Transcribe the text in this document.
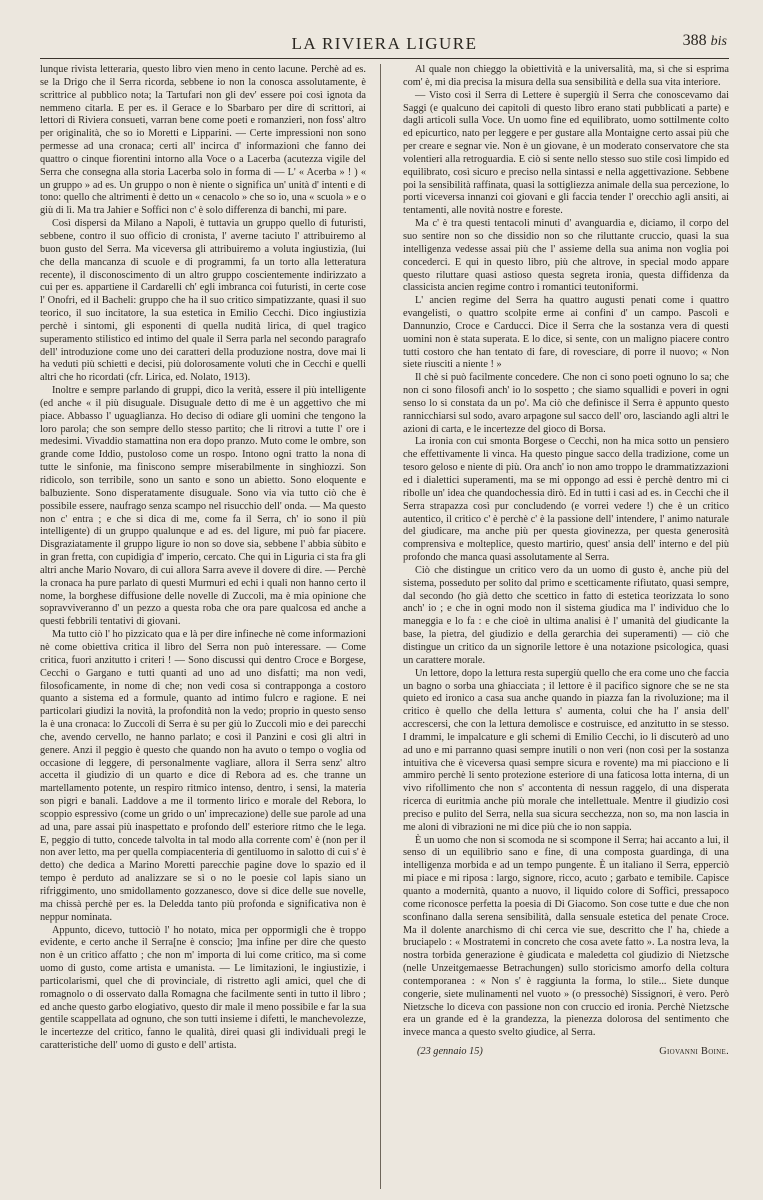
LA RIVIERA LIGURE	388 bis

lunque rivista letteraria, questo libro vien meno in cento lacune. Perchè ad es. se la Drigo che il Serra ricorda, sebbene io non la conosca assolutamente, è scrittrice al pubblico nota; la Tartufari non gli dev' essere poi così ignota da nemmeno citarla. E per es. il Gerace e lo Sbarbaro per dire di scrittori, ai lettori di Riviera consueti, varran bene come poeti e romanzieri, non foss' altro per originalità, che so io Moretti e Lipparini. — Certe impressioni non sono permesse ad una cronaca; certi all' incirca d' informazioni che fanno dei quattro o cinque fiorentini intorno alla Voce o a Lacerba (acutezza vigile del Serra che consegna alla storia Lacerba solo in forma di — L' « Acerba » ! ) « un gruppo » ad es. Un gruppo o non è niente o significa un' unità d' intenti e di tono: quello che altrimenti è detto un « cenacolo » che so io, una « scuola » e o giù di lì. Ma tra Jahier e Soffici non c' è solo differenza di banchi, mi pare.

Così dispersi da Milano a Napoli, è tuttavia un gruppo quello di futuristi, sebbene, contro il suo officio di cronista, l' averne taciuto l' attribuiremo al buon gusto del Serra. Ma viceversa gli attribuiremo a voluta ingiustizia, (lui che della mancanza di scuole e di programmi, fa un torto alla letteratura recente), il disconoscimento di un altro gruppo coscientemente indirizzato a cui per es. appartiene il Cardarelli ch' egli imbranca coi futuristi, in certe cose l' Onofri, ed il Bacheli: gruppo che ha il suo critico simpatizzante, quasi il suo teorico, il suo incitatore, la sua estetica in Emilio Cecchi. Dico ingiustizia perchè i sintomi, gli esponenti di quella nudità lirica, di quel tragico superamento stilistico ed intimo del quale il Serra parla nel secondo paragrafo dell' introduzione come uno dei caratteri della produzione nostra, dove mai li ha veduti più schietti e decisi, più dolorosamente voluti che in Cecchi e quelli altri che ho ricordati (cfr. Lirica, ed. Nolato, 1913).

Inoltre e sempre parlando di gruppi, dico la verità, essere il più intelligente (ed anche « il più disuguale. Disuguale detto di me è un aggettivo che mi piace. Abbasso l' uguaglianza. Ho deciso di odiare gli uomini che tengono la loro parola; che son sempre dello stesso partito; che li ritrovi a tutte l' ore i medesimi. Vivaddio stamattina non era dopo pranzo. Muto come le ombre, son grande come Iddio, pustoloso come un rospo. Intono ogni tratto la nona di tutte le sinfonie, ma finiscono sempre miserabilmente in singhiozzi. Son ridicolo, son terribile, sono un santo e sono un abietto. Sono eloquente e balbuziente. Sono disperatamente disuguale. Sono via via tutto ciò che è possibile essere, naufrago senza scampo nel risucchio dell' onda. — Ma questo non c' entra ; e che si dica di me, come fa il Serra, ch' io sono il più intelligente) di un gruppo qualunque e ad es. del ligure, mi può far piacere. Disgraziatamente il gruppo ligure io non so dove sia, sebbene l' abbia sùbito e in gran fretta, con cupidigia d' imperio, cercato. Che qui in Liguria ci sta fra gli altri anche Mario Novaro, di cui allora Sarra aveve il dovere di dire. — Perchè la cronaca ha pure parlato di questi Murmuri ed echi i quali non hanno certo il nome, la borghese diffusione delle novelle di Zuccoli, ma è mia opinione che sopravviveranno d' un pezzo a questa roba che ora pare qualcosa ed anche a questi febbrili tentativi di giovani.

Ma tutto ciò l' ho pizzicato qua e là per dire infineche nè come informazioni nè come obiettiva critica il libro del Serra non può interessare. — Come critica, fuori anzitutto i criteri ! — Sono discussi qui dentro Croce e Borgese, Cecchi o Gargano e tutti quanti ad uno ad uno disfatti; ma non vedi, filosoficamente, in nome di che; non vedi cosa si contrapponga a costoro quanto a sistema ed a formule, quanto ad intimo fulcro e ragione. E nei particolari giudizi la novità, la profondità non la vedo; proprio in questo senso la è una cronaca: lo Zuccoli di Serra è su per giù lo Zuccoli mio e dei parecchi che, avendo cervello, ne hanno parlato; e così il Panzini e così gli altri in genere. Anzi il peggio è questo che quando non ha avuto o tempo o voglia od occasione di leggere, di personalmente vagliare, allora il Serra senz' altro accetta il giudizio di un quarto e dice di Rebora ad es. che tranne un martellamento potente, un respiro ritmico intenso, dentro, i sensi, la materia son pigri e banali. Laddove a me il tormento lirico e morale del Rebora, lo scoppio espressivo (come un grido o un' imprecazione) delle sue parole ad una ad una, pare assai più inaspettato e profondo dell' esteriore ritmo che le lega. E, peggio di tutto, concede talvolta in tal modo alla corrente com' è (non per il non aver letto, ma per quella compiacenteria di gentiluomo in salotto di cui s' è detto) che dedica a Marino Moretti parecchie pagine dove lo spazio ed il tempo è perduto ad analizzare se sì o no le poesie col lapis siano un rifriggimento, uno smidollamento gozzanesco, dove si dice delle sue novelle, ma chissà perchè per es. la Deledda tanto più profonda e significativa non è neppur nominata.

Appunto, dicevo, tuttociò l' ho notato, mica per oppormigli che è troppo evidente, e certo anche il Serra[ne è conscio; ]ma infine per dire che questo non è un critico affatto ; che non m' importa di lui come critico, ma sì come uomo di gusto, come artista e umanista. — Le limitazioni, le ingiustizie, i particolarismi, quel che di provinciale, di ristretto agli amici, quel che di romagnolo o di osservato dalla Romagna che facilmente senti in tutto il libro ; ed anche questo garbo elogiativo, questo dir male il meno possibile e far la sua gentile scappellata ad ognuno, che son tutti insieme i difetti, le manchevolezze, le incertezze del critico, fanno le qualità, direi quasi gli individuali pregi le caratteristiche dell' uomo di gusto e dell' artista.

Al quale non chieggo la obiettività e la universalità, ma, sì che si esprima com' è, mi dia precisa la misura della sua sensibilità e della sua vita interiore.

— Visto così il Serra di Lettere è supergiù il Serra che conoscevamo dai Saggi (e qualcuno dei capitoli di questo libro erano stati pubblicati a parte) e dagli articoli sulla Voce. Un uomo fine ed equilibrato, uomo sottilmente colto ed epicurtico, nato per leggere e per gustare alla Montaigne certo assai più che per creare e segnar vie. Non è un giovane, è un moderato conservatore che sta volentieri alla retroguardia. E ciò si sente nello stesso suo stile così limpido ed equilibrato, così sicuro e preciso nella sintassi e nella aggettivazione. Sebbene poi la sensibilità raffinata, quasi la sottigliezza animale della sua percezione, lo porti viceversa innanzi coi giovani e gli faccia tender l' orecchio agli ansiti, ai tentamenti, alle novità nostre e foreste.

Ma c' è tra questi tentacoli minuti d' avanguardia e, diciamo, il corpo del suo sentire non so che dissidio non so che riluttante cruccio, quasi la sua intelligenza vedesse assai più che l' assieme della sua anima non voglia poi concederci. E qui in questo libro, più che altrove, in special modo appare questo riluttare quasi astioso questa segreta ironia, questa diffidenza da classicista ancien regime contro i romantici teutoniformi.

L' ancien regime del Serra ha quattro augusti penati come i quattro evangelisti, o quattro scolpite erme ai confini d' un campo. Pascoli e Dannunzio, Croce e Carducci. Dice il Serra che la sostanza vera di questi uomini non è stata superata. E lo dice, si sente, con un maligno piacere contro tutti costoro che han tentato di fare, di rovesciare, di porre il nuovo; « Non siete riusciti a niente ! »

Il chè si può facilmente concedere. Che non ci sono poeti ognuno lo sa; che non ci sono filosofi anch' io lo sospetto ; che siamo squallidi e poveri in ogni senso lo si constata da un po'. Ma ciò che definisce il Serra è appunto questo rannicchiarsi sul sodo, avaro arpagone sul sacco dell' oro, lasciando agli altri le azioni di carta, e le incertezze del gioco di Borsa.

La ironia con cui smonta Borgese o Cecchi, non ha mica sotto un pensiero che effettivamente li vinca. Ha questo pingue sacco della tradizione, come un tesoro geloso e niente di più. Ora anch' io non amo troppo le drammatizzazioni ed i dialettici superamenti, ma se mi oppongo ad essi è perchè dentro mi ci ribolle un' idea che quandochessia dirò. Ed in tutti i casi ad es. in Cecchi che il Serra strapazza così pur concludendo (e vorrei vedere !) che è un critico autentico, il critico c' è perchè c' è la passione dell' intendere, l' animo naturale del giudicare, ma anche più per questa giovinezza, per questa generosità comprensiva e molteplice, questo martirio, quest' ansia dell' interno e del più profondo che manca quasi assolutamente al Serra.

Ciò che distingue un critico vero da un uomo di gusto è, anche più del sistema, posseduto per solito dal primo e scetticamente rifiutato, quasi sempre, dal secondo (ho già detto che scettico in fatto di estetica teorizzata lo sono anch' io ; e che in ogni modo non il sistema giudica ma l' individuo che lo maneggia e lo fa : e che cioè in ultima analisi è l' umanità del giudicante la base, la pietra, del giudizio e della gerarchia dei superamenti) — ciò che distingue un critico da un signorile lettore è una notazione psicologica, quasi un carattere morale.

Un lettore, dopo la lettura resta supergiù quello che era come uno che faccia un bagno o sorba una ghiacciata ; il lettore è il pacifico signore che se ne sta quieto ed ironico a casa sua anche quando in piazza fan la rivoluzione; ma il critico è quello che della lettura s' aumenta, colui che ha l' ansia dell' accrescersi, che con la lettura demolisce e costruisce, ed anzitutto in se stesso. I drammi, le impalcature e gli schemi di Emilio Cecchi, io li discuterò ad uno ad uno e mi parranno quasi sempre inutili o non veri (non così per la sostanza intuitiva che è viceversa quasi sempre sicura e rovente) ma mi piacciono e li ammiro perchè li sento protezione esteriore di una faticosa lotta interna, di un vivo rifollimento che non s' accontenta di nessun raggelo, di una disperata ricerca di euritmia anche più morale che intellettuale. Mentre il giudizio così preciso e pulito del Serra, nella sua sicura secchezza, non so, ma non lascia in me aloni di vibrazioni ne mi dice più che io non sappia.

È un uomo che non si scomoda ne si scompone il Serra; hai accanto a lui, il senso di un equilibrio sano e fine, di una composta guardinga, di una intelligenza morbida e ad un tempo pungente. È un italiano il Serra, epperciò mi piace e mi riposa : largo, signore, ricco, acuto ; garbato e temibile. Capisce quanto a modernità, quanto a nuovo, il liquido colore di Soffici, pressapoco come riconosce perfetta la poesia di Di Giacomo. Son cose tutte e due che non sconfinano dalla serena sensibilità, dalla sensuale estetica del penate Croce. Ma il dolente anarchismo di chi cerca vie sue, descritto che l' ha, chiede a bruciapelo : « Mostratemi in concreto che cosa avete fatto ». La nostra leva, la nostra torbida generazione è giudicata e maledetta col giudizio di Nietzsche (nelle Unzeitgemaesse Betrachungen) sullo storicismo amorfo della coltura contemporanea : « Non s' è raggiunta la forma, lo stile... Siete dunque congerie, siete mulinamenti nel vuoto » (o pressochè) Sissignori, è vero. Però Nietzsche lo diceva con passione non con cruccio ed ironia. Perchè Nietzsche era un grande ed è la grandezza, la pienezza dolorosa del sentimento che invece manca a questo svelto giudice, al Serra.

(23 gennaio 15)	Giovanni Boine.
